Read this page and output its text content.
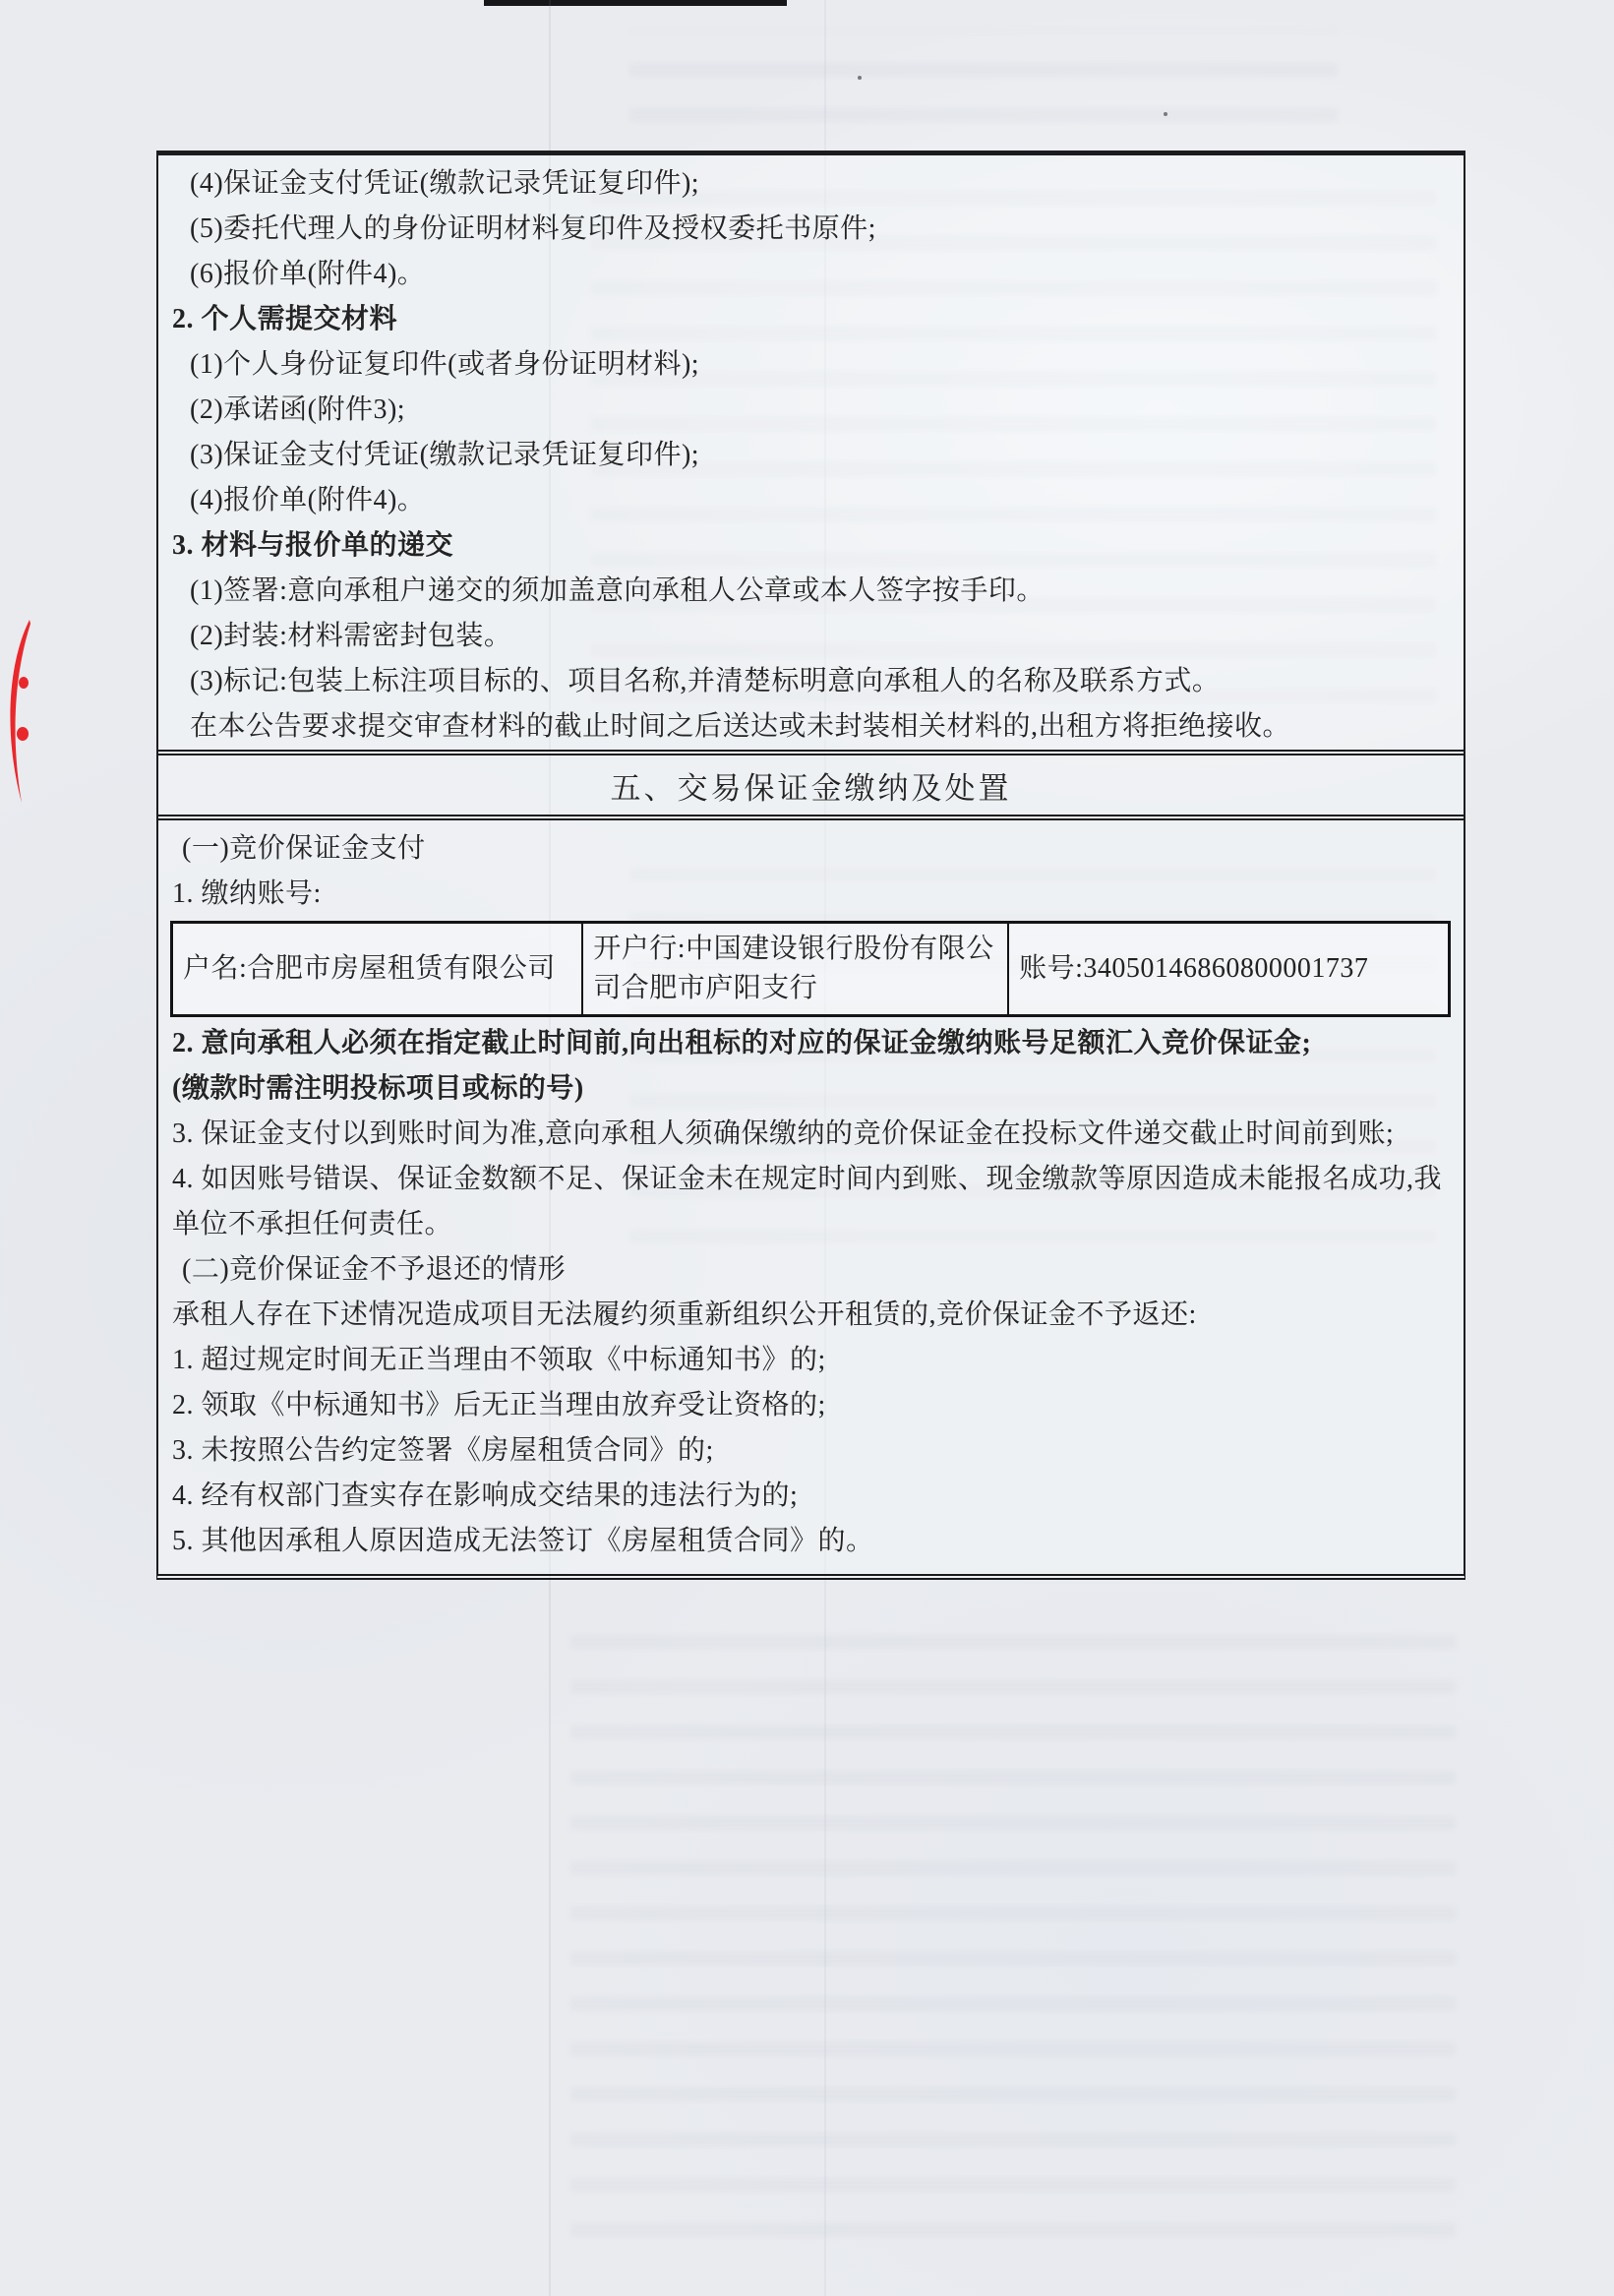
(4)保证金支付凭证(缴款记录凭证复印件);
(5)委托代理人的身份证明材料复印件及授权委托书原件;
(6)报价单(附件4)。
2. 个人需提交材料
(1)个人身份证复印件(或者身份证明材料);
(2)承诺函(附件3);
(3)保证金支付凭证(缴款记录凭证复印件);
(4)报价单(附件4)。
3. 材料与报价单的递交
(1)签署:意向承租户递交的须加盖意向承租人公章或本人签字按手印。
(2)封装:材料需密封包装。
(3)标记:包装上标注项目标的、项目名称,并清楚标明意向承租人的名称及联系方式。
在本公告要求提交审查材料的截止时间之后送达或未封装相关材料的,出租方将拒绝接收。
五、交易保证金缴纳及处置
(一)竞价保证金支付
1. 缴纳账号:
户名:合肥市房屋租赁有限公司
开户行:中国建设银行股份有限公司合肥市庐阳支行
账号:34050146860800001737
2. 意向承租人必须在指定截止时间前,向出租标的对应的保证金缴纳账号足额汇入竞价保证金;
(缴款时需注明投标项目或标的号)
3. 保证金支付以到账时间为准,意向承租人须确保缴纳的竞价保证金在投标文件递交截止时间前到账;
4. 如因账号错误、保证金数额不足、保证金未在规定时间内到账、现金缴款等原因造成未能报名成功,我单位不承担任何责任。
(二)竞价保证金不予退还的情形
承租人存在下述情况造成项目无法履约须重新组织公开租赁的,竞价保证金不予返还:
1. 超过规定时间无正当理由不领取《中标通知书》的;
2. 领取《中标通知书》后无正当理由放弃受让资格的;
3. 未按照公告约定签署《房屋租赁合同》的;
4. 经有权部门查实存在影响成交结果的违法行为的;
5. 其他因承租人原因造成无法签订《房屋租赁合同》的。
